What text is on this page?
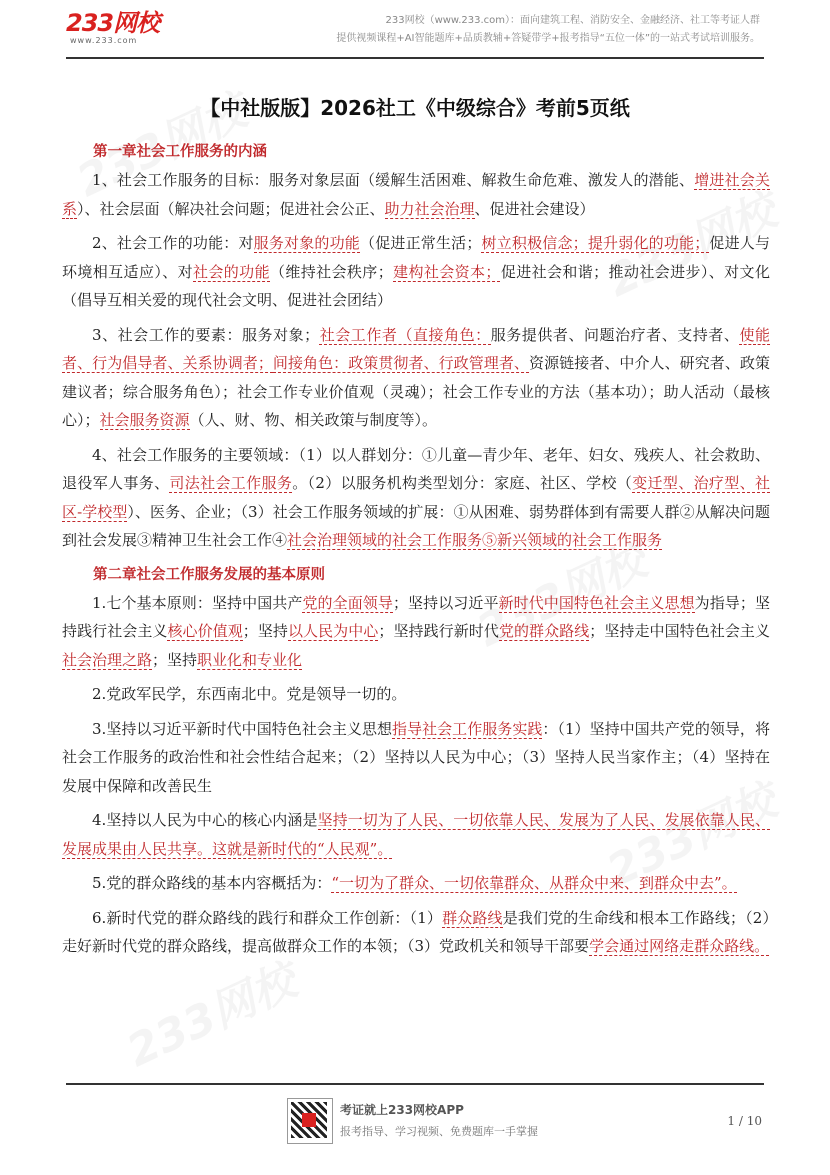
233网校
www.233.com
233网校（www.233.com）：面向建筑工程、消防安全、金融经济、社工等考证人群
提供视频课程+AI智能题库+品质教辅+答疑带学+报考指导“五位一体”的一站式考试培训服务。
【中社版版】2026社工《中级综合》考前5页纸
第一章社会工作服务的内涵

1、社会工作服务的目标：服务对象层面（缓解生活困难、解救生命危难、激发人的潜能、增进社会关系）、社会层面（解决社会问题；促进社会公正、助力社会治理、促进社会建设）

2、社会工作的功能：对服务对象的功能（促进正常生活；树立积极信念；提升弱化的功能；促进人与环境相互适应）、对社会的功能（维持社会秩序；建构社会资本；促进社会和谐；推动社会进步）、对文化（倡导互相关爱的现代社会文明、促进社会团结）

3、社会工作的要素：服务对象；社会工作者（直接角色：服务提供者、问题治疗者、支持者、使能者、行为倡导者、关系协调者；间接角色：政策贯彻者、行政管理者、资源链接者、中介人、研究者、政策建议者；综合服务角色）；社会工作专业价值观（灵魂）；社会工作专业的方法（基本功）；助人活动（最核心）；社会服务资源（人、财、物、相关政策与制度等）。

4、社会工作服务的主要领域：（1）以人群划分：①儿童—青少年、老年、妇女、残疾人、社会救助、退役军人事务、司法社会工作服务。（2）以服务机构类型划分：家庭、社区、学校（变迁型、治疗型、社区-学校型）、医务、企业；（3）社会工作服务领域的扩展：①从困难、弱势群体到有需要人群②从解决问题到社会发展③精神卫生社会工作④社会治理领域的社会工作服务⑤新兴领域的社会工作服务

第二章社会工作服务发展的基本原则

1.七个基本原则：坚持中国共产党的全面领导；坚持以习近平新时代中国特色社会主义思想为指导；坚持践行社会主义核心价值观；坚持以人民为中心；坚持践行新时代党的群众路线；坚持走中国特色社会主义社会治理之路；坚持职业化和专业化

2.党政军民学，东西南北中。党是领导一切的。

3.坚持以习近平新时代中国特色社会主义思想指导社会工作服务实践：（1）坚持中国共产党的领导，将社会工作服务的政治性和社会性结合起来；（2）坚持以人民为中心；（3）坚持人民当家作主；（4）坚持在发展中保障和改善民生

4.坚持以人民为中心的核心内涵是坚持一切为了人民、一切依靠人民、发展为了人民、发展依靠人民、发展成果由人民共享。这就是新时代的“人民观”。

5.党的群众路线的基本内容概括为：“一切为了群众、一切依靠群众、从群众中来、到群众中去”。

6.新时代党的群众路线的践行和群众工作创新：（1）群众路线是我们党的生命线和根本工作路线；（2）走好新时代党的群众路线，提高做群众工作的本领；（3）党政机关和领导干部要学会通过网络走群众路线。

考证就上233网校APP
报考指导、学习视频、免费题库一手掌握
1 / 10
